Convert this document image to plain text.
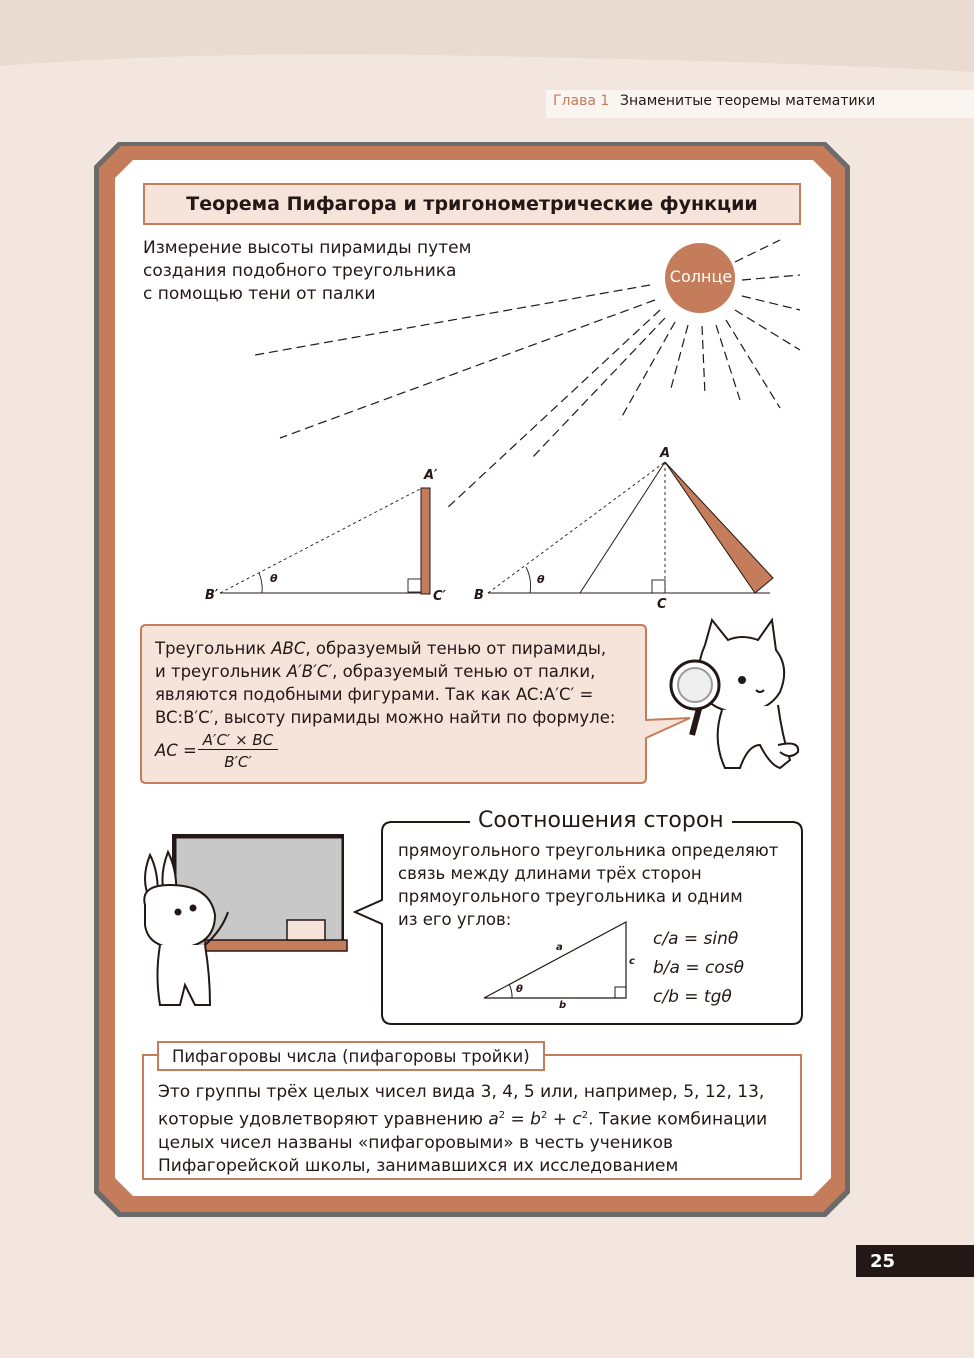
Глава 1 Знаменитые теоремы математики
Теорема Пифагора и тригонометрические функции
Измерение высоты пирамиды путем
создания подобного треугольника
с помощью тени от палки
Солнце
A′
B′	C′
θ
A
B
C
θ
Треугольник ABC, образуемый тенью от пирамиды,
и треугольник A′B′C′, образуемый тенью от палки,
являются подобными фигурами. Так как AC:A′C′ =
BC:B′C′, высоту пирамиды можно найти по формуле:
AC =
A′C′ × BC
B′C′
Соотношения сторон
прямоугольного треугольника определяют
связь между длинами трёх сторон
прямоугольного треугольника и одним
из его углов:
a
b
c
θ
c/a = sinθ
b/a = cosθ
c/b = tgθ
Пифагоровы числа (пифагоровы тройки)
Это группы трёх целых чисел вида 3, 4, 5 или, например, 5, 12, 13,
которые удовлетворяют уравнению $a^2 = b^2 + c^2$. Такие комбинации
целых чисел названы «пифагоровыми» в честь учеников
Пифагорейской школы, занимавшихся их исследованием
25
